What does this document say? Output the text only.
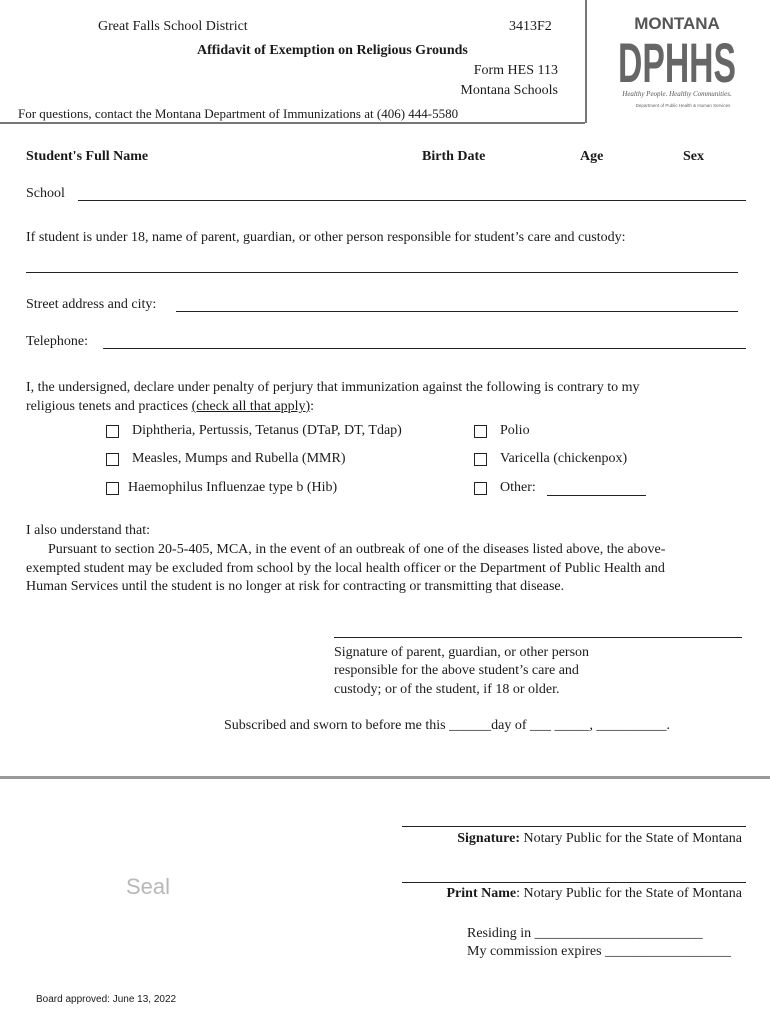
Great Falls School District	3413F2
Affidavit of Exemption on Religious Grounds
Form HES 113
Montana Schools
For questions, contact the Montana Department of Immunizations at (406) 444-5580
MONTANA
DPHHS
Healthy People. Healthy Communities.
Department of Public Health & Human Services
Student's Full Name	Birth Date	Age	Sex
School
If student is under 18, name of parent, guardian, or other person responsible for student’s care and custody:
Street address and city:
Telephone:
I, the undersigned, declare under penalty of perjury that immunization against the following is contrary to my
religious tenets and practices (check all that apply):
Diphtheria, Pertussis, Tetanus (DTaP, DT, Tdap)	Polio
Measles, Mumps and Rubella (MMR)	Varicella (chickenpox)
Haemophilus Influenzae type b (Hib)	Other:
I also understand that:
Pursuant to section 20-5-405, MCA, in the event of an outbreak of one of the diseases listed above, the above-
exempted student may be excluded from school by the local health officer or the Department of Public Health and
Human Services until the student is no longer at risk for contracting or transmitting that disease.
Signature of parent, guardian, or other person
responsible for the above student’s care and
custody; or of the student, if 18 or older.
Subscribed and sworn to before me this ______day of ___ _____, __________.
Signature: Notary Public for the State of Montana
Seal	Print Name: Notary Public for the State of Montana
Residing in ________________________
My commission expires __________________
Board approved: June 13, 2022
